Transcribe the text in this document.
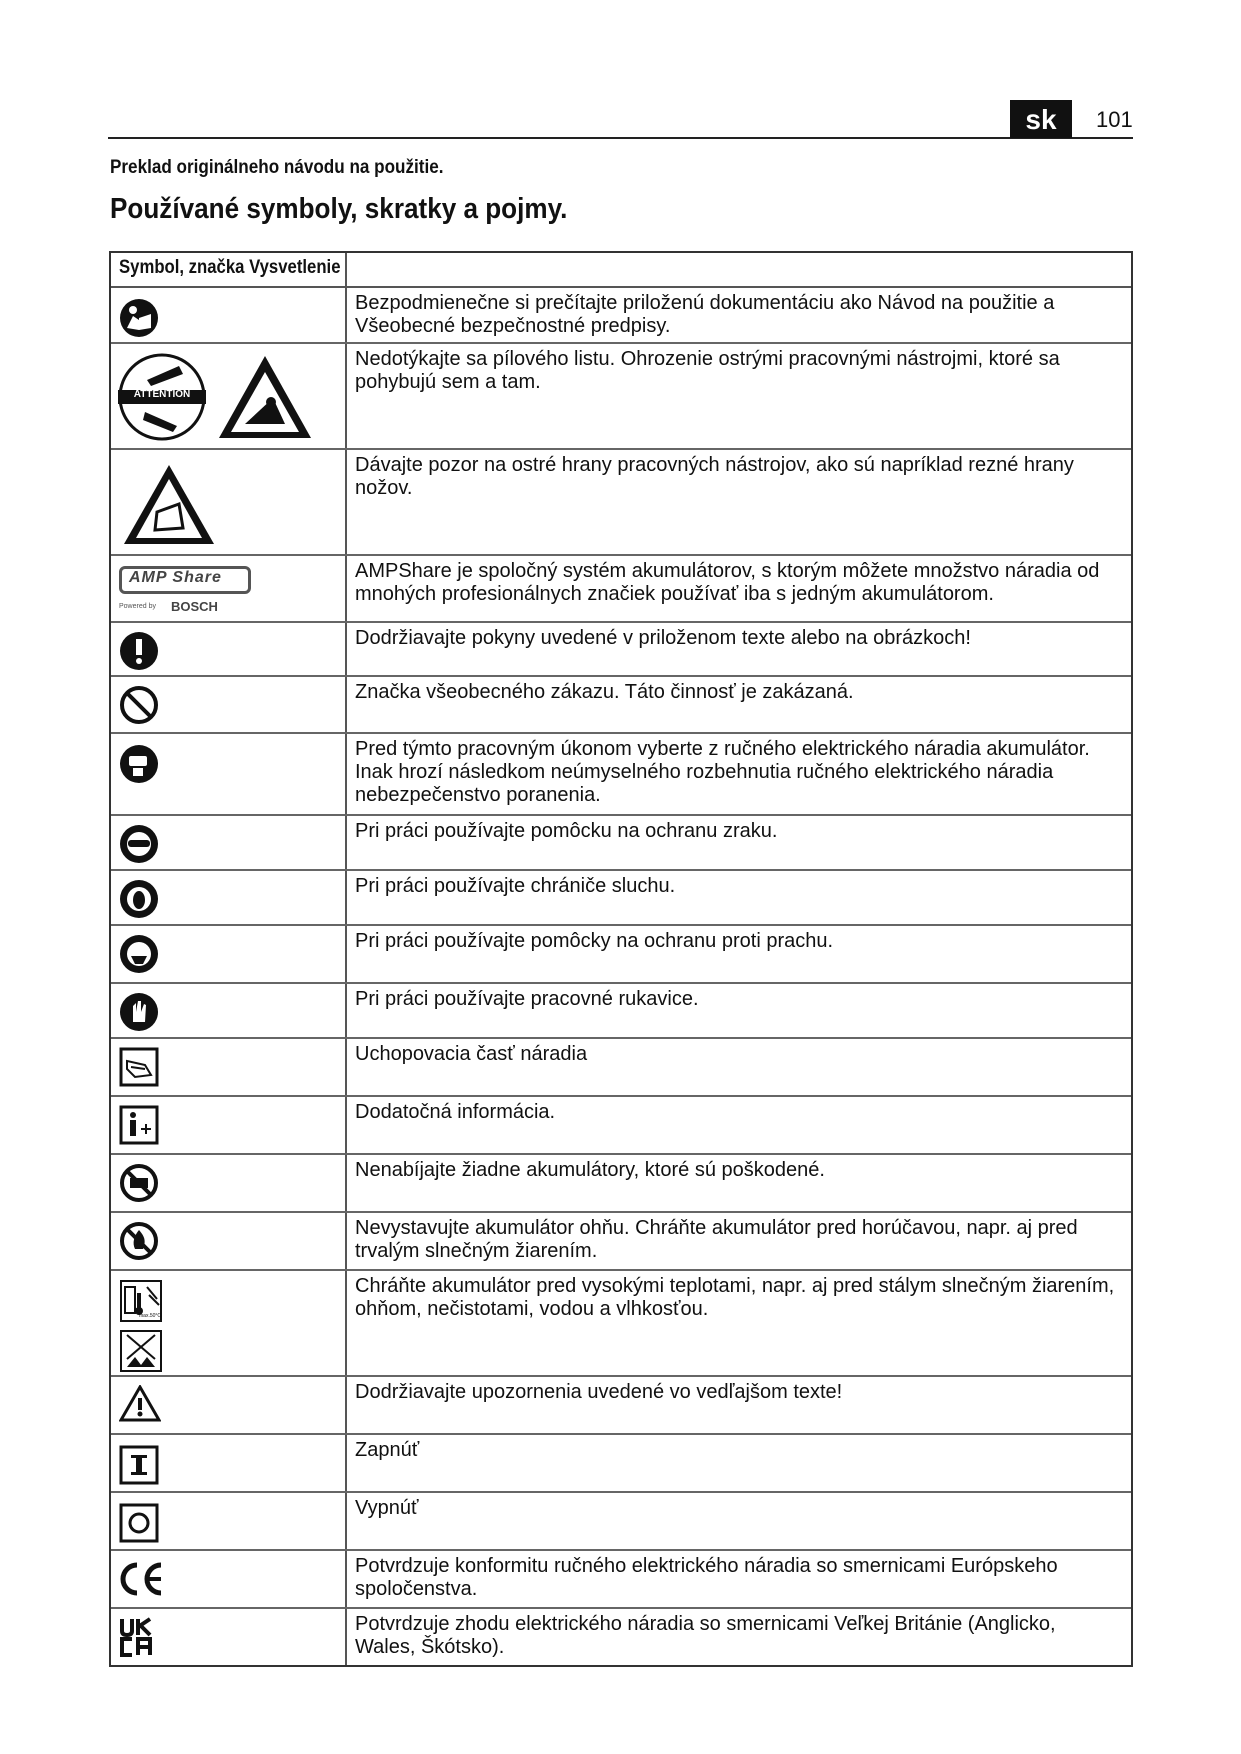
sk	101
Preklad originálneho návodu na použitie.
Používané symboly, skratky a pojmy.
Symbol, značka Vysvetlenie
Bezpodmienečne si prečítajte priloženú dokumentáciu ako Návod na použitie a Všeobecné bezpečnostné predpisy.
ATTENTION
Nedotýkajte sa pílového listu. Ohrozenie ostrými pracovnými nástrojmi, ktoré sa pohybujú sem a tam.
Dávajte pozor na ostré hrany pracovných nástrojov, ako sú napríklad rezné hrany nožov.
AMP Share
Powered by BOSCH
AMPShare je spoločný systém akumulátorov, s ktorým môžete množstvo náradia od mnohých profesionálnych značiek používať iba s jedným akumulátorom.
Dodržiavajte pokyny uvedené v priloženom texte alebo na obrázkoch!
Značka všeobecného zákazu. Táto činnosť je zakázaná.
Pred týmto pracovným úkonom vyberte z ručného elektrického náradia akumulátor. Inak hrozí následkom neúmyselného rozbehnutia ručného elektrického náradia nebezpečenstvo poranenia.
Pri práci používajte pomôcku na ochranu zraku.
Pri práci používajte chrániče sluchu.
Pri práci používajte pomôcky na ochranu proti prachu.
Pri práci používajte pracovné rukavice.
Uchopovacia časť náradia
Dodatočná informácia.
Nenabíjajte žiadne akumulátory, ktoré sú poškodené.
Nevystavujte akumulátor ohňu. Chráňte akumulátor pred horúčavou, napr. aj pred trvalým slnečným žiarením.
max.50°C
Chráňte akumulátor pred vysokými teplotami, napr. aj pred stálym slnečným žiarením, ohňom, nečistotami, vodou a vlhkosťou.
Dodržiavajte upozornenia uvedené vo vedľajšom texte!
Zapnúť
Vypnúť
Potvrdzuje konformitu ručného elektrického náradia so smernicami Európskeho spoločenstva.
Potvrdzuje zhodu elektrického náradia so smernicami Veľkej Británie (Anglicko, Wales, Škótsko).
